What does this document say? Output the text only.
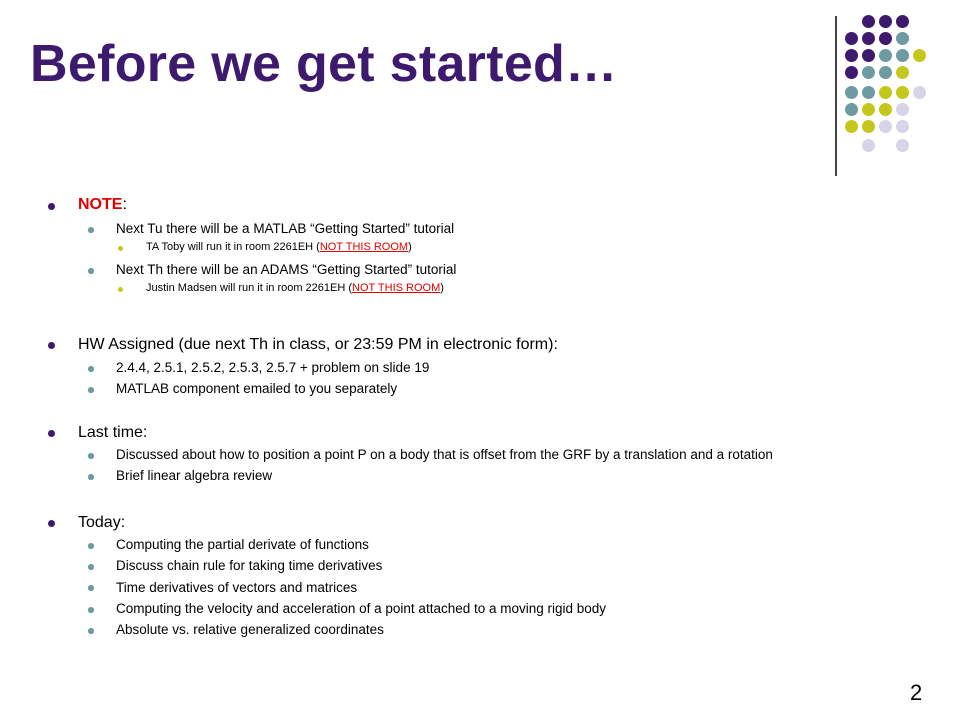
Before we get started…
NOTE:
Next Tu there will be a MATLAB “Getting Started” tutorial
TA Toby will run it in room 2261EH (NOT THIS ROOM)
Next Th there will be an ADAMS “Getting Started” tutorial
Justin Madsen will run it in room 2261EH (NOT THIS ROOM)
HW Assigned (due next Th in class, or 23:59 PM in electronic form):
2.4.4, 2.5.1, 2.5.2, 2.5.3, 2.5.7 + problem on slide 19
MATLAB component emailed to you separately
Last time:
Discussed about how to position a point P on a body that is offset from the GRF by a translation and a rotation
Brief linear algebra review
Today:
Computing the partial derivate of functions
Discuss chain rule for taking time derivatives
Time derivatives of vectors and matrices
Computing the velocity and acceleration of a point attached to a moving rigid body
Absolute vs. relative generalized coordinates
2
